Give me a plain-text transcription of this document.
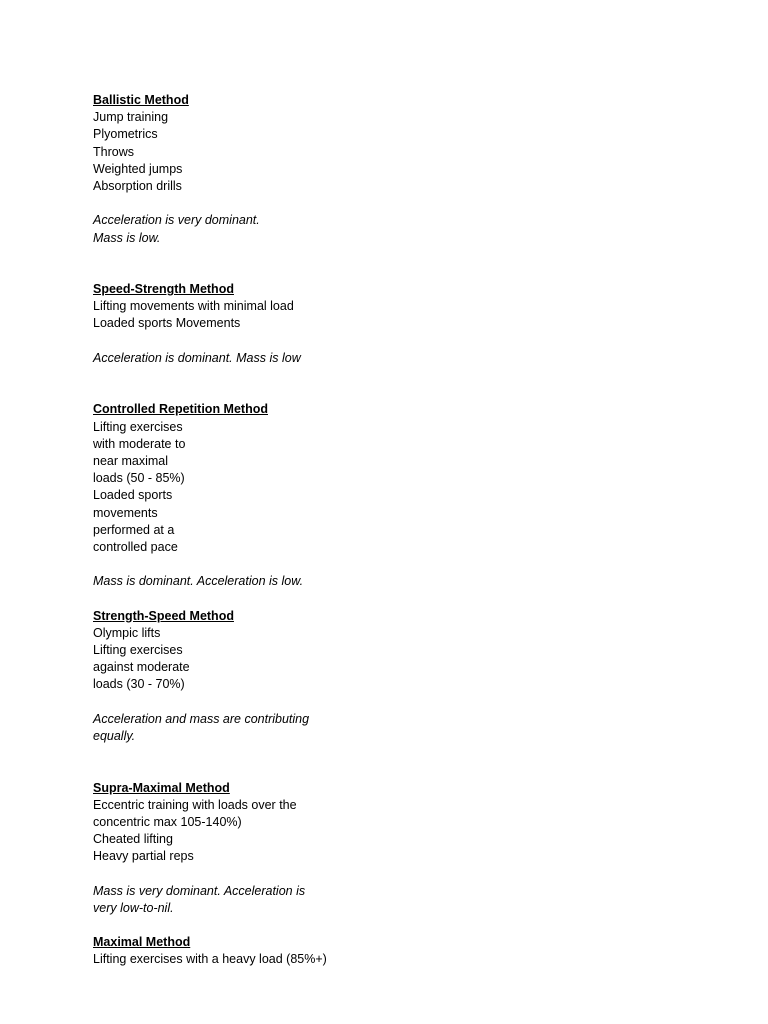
Ballistic Method

Jump training

Plyometrics

Throws

Weighted jumps

Absorption drills

Acceleration is very dominant.

Mass is low.

Speed-Strength Method

Lifting movements with minimal load

Loaded sports Movements

Acceleration is dominant. Mass is low

Controlled Repetition Method

Lifting exercises

with moderate to

near maximal

loads (50 - 85%)

Loaded sports

movements

performed at a

controlled pace

Mass is dominant. Acceleration is low.

Strength-Speed Method

Olympic lifts

Lifting exercises

against moderate

loads (30 - 70%)

Acceleration and mass are contributing

equally.

Supra-Maximal Method

Eccentric training with loads over the

concentric max 105-140%)

Cheated lifting

Heavy partial reps

Mass is very dominant. Acceleration is

very low-to-nil.

Maximal Method

Lifting exercises with a heavy load (85%+)
